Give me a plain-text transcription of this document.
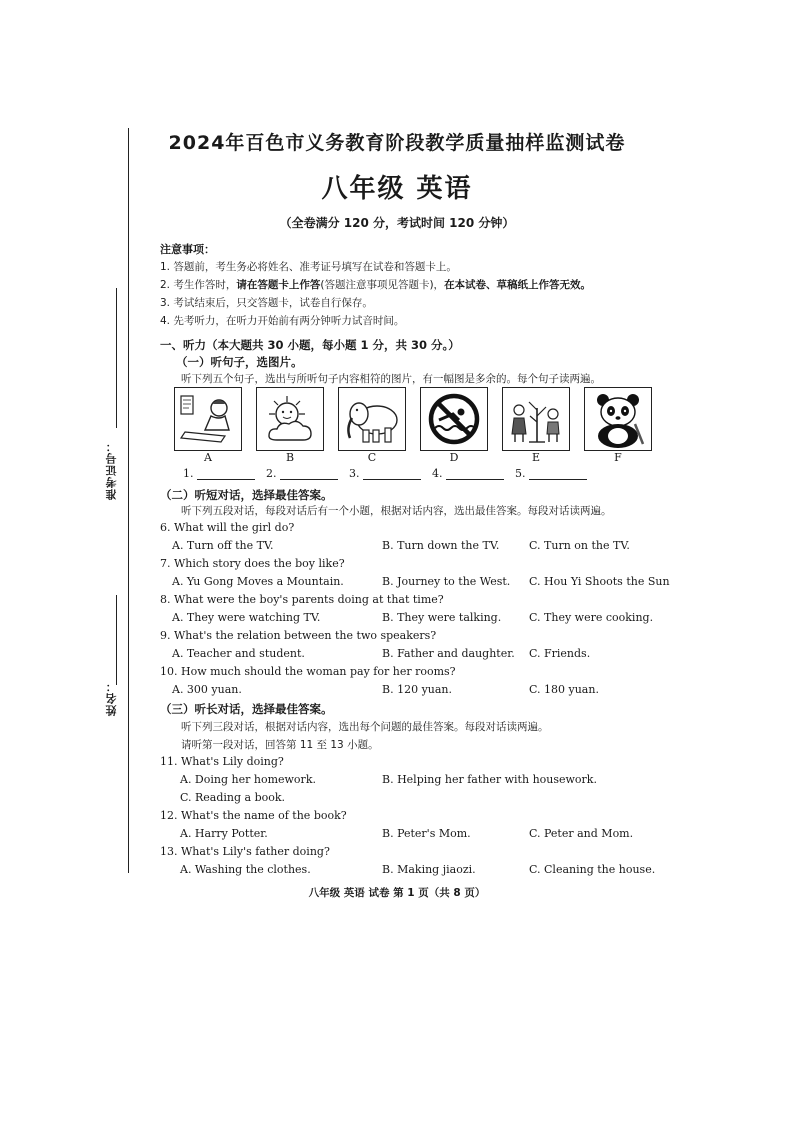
准考证号：
姓名：
2024年百色市义务教育阶段教学质量抽样监测试卷
八年级 英语
（全卷满分 120 分，考试时间 120 分钟）
注意事项：
1. 答题前，考生务必将姓名、准考证号填写在试卷和答题卡上。
2. 考生作答时，请在答题卡上作答(答题注意事项见答题卡)，在本试卷、草稿纸上作答无效。
3. 考试结束后，只交答题卡，试卷自行保存。
4. 先考听力，在听力开始前有两分钟听力试音时间。
一、听力（本大题共 30 小题，每小题 1 分，共 30 分。）
（一）听句子，选图片。
听下列五个句子，选出与所听句子内容相符的图片，有一幅图是多余的。每个句子读两遍。
A	B	C	D	E	F
1.	2.	3.	4.	5.
（二）听短对话，选择最佳答案。
听下列五段对话，每段对话后有一个小题，根据对话内容，选出最佳答案。每段对话读两遍。
6. What will the girl do?
A. Turn off the TV.	B. Turn down the TV.	C. Turn on the TV.
7. Which story does the boy like?
A. Yu Gong Moves a Mountain.	B. Journey to the West. C. Hou Yi Shoots the Sun
8. What were the boy's parents doing at that time?
A. They were watching TV.	B. They were talking.	C. They were cooking.
9. What's the relation between the two speakers?
A. Teacher and student.	B. Father and daughter. C. Friends.
10. How much should the woman pay for her rooms?
A. 300 yuan.	B. 120 yuan.	C. 180 yuan.
（三）听长对话，选择最佳答案。
听下列三段对话，根据对话内容，选出每个问题的最佳答案。每段对话读两遍。
请听第一段对话，回答第 11 至 13 小题。
11. What's Lily doing?
A. Doing her homework.	B. Helping her father with housework.
C. Reading a book.
12. What's the name of the book?
A. Harry Potter.	B. Peter's Mom.	C. Peter and Mom.
13. What's Lily's father doing?
A. Washing the clothes.	B. Making jiaozi.	C. Cleaning the house.
八年级 英语 试卷 第 1 页（共 8 页）
